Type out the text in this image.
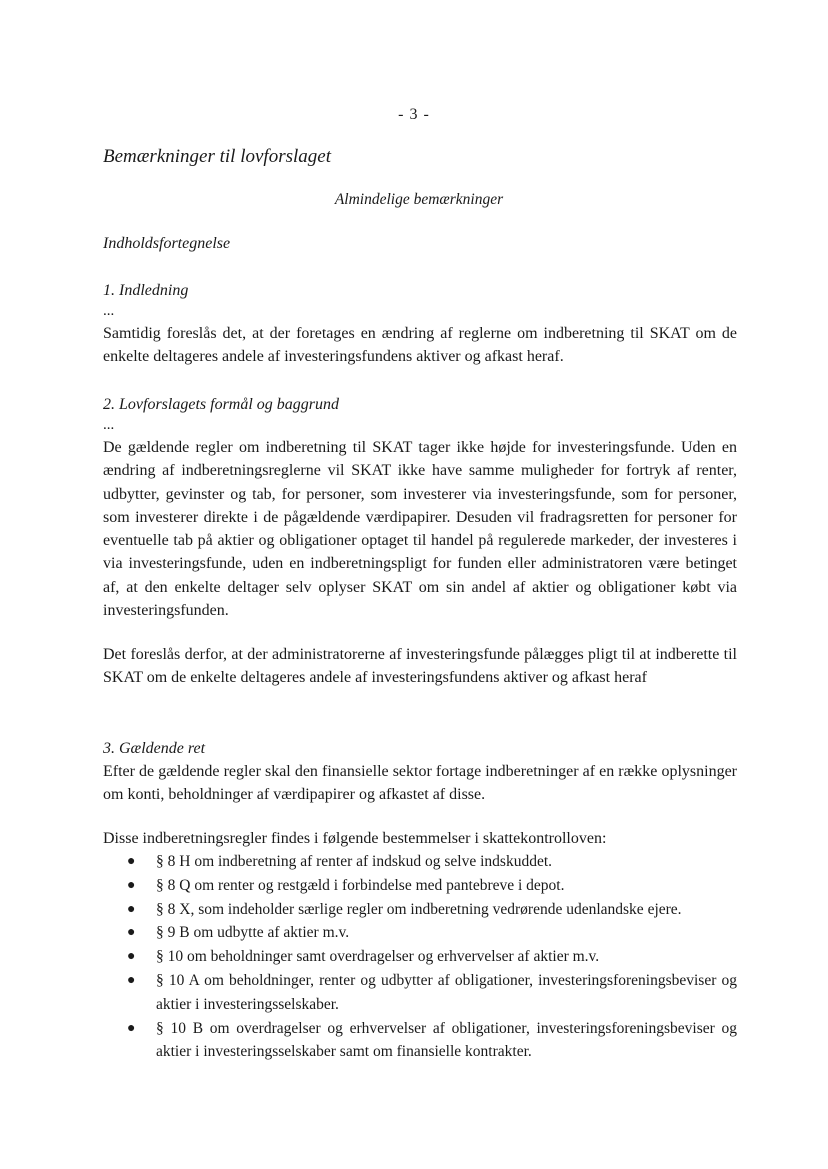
- 3 -
Bemærkninger til lovforslaget
Almindelige bemærkninger
Indholdsfortegnelse
1. Indledning
...
Samtidig foreslås det, at der foretages en ændring af reglerne om indberetning til SKAT om de enkelte deltageres andele af investeringsfundens aktiver og afkast heraf.
2. Lovforslagets formål og baggrund
...
De gældende regler om indberetning til SKAT tager ikke højde for investeringsfunde. Uden en ændring af indberetningsreglerne vil SKAT ikke have samme muligheder for fortryk af renter, udbytter, gevinster og tab, for personer, som investerer via investeringsfunde, som for personer, som investerer direkte i de pågældende værdipapirer. Desuden vil fradragsretten for personer for eventuelle tab på aktier og obligationer optaget til handel på regulerede markeder, der investeres i via investeringsfunde, uden en indberetningspligt for funden eller administratoren være betinget af, at den enkelte deltager selv oplyser SKAT om sin andel af aktier og obligationer købt via investeringsfunden.
Det foreslås derfor, at der administratorerne af investeringsfunde pålægges pligt til at indberette til SKAT om de enkelte deltageres andele af investeringsfundens aktiver og afkast heraf
3. Gældende ret
Efter de gældende regler skal den finansielle sektor fortage indberetninger af en række oplysninger om konti, beholdninger af værdipapirer og afkastet af disse.
Disse indberetningsregler findes i følgende bestemmelser i skattekontrolloven:
● § 8 H om indberetning af renter af indskud og selve indskuddet.
● § 8 Q om renter og restgæld i forbindelse med pantebreve i depot.
● § 8 X, som indeholder særlige regler om indberetning vedrørende udenlandske ejere.
● § 9 B om udbytte af aktier m.v.
● § 10 om beholdninger samt overdragelser og erhvervelser af aktier m.v.
● § 10 A om beholdninger, renter og udbytter af obligationer, investeringsforeningsbeviser og aktier i investeringsselskaber.
● § 10 B om overdragelser og erhvervelser af obligationer, investeringsforeningsbeviser og aktier i investeringsselskaber samt om finansielle kontrakter.
